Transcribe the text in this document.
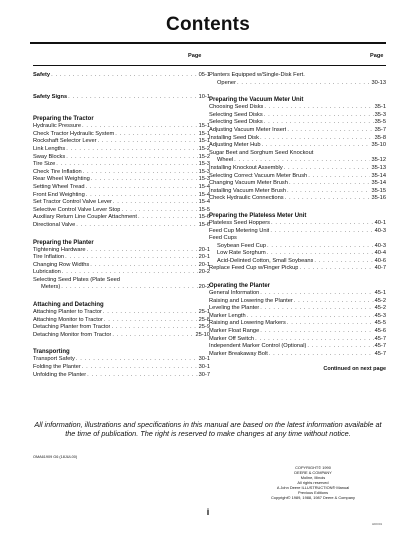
Contents
Page	Page
Safety . . .	05-1
Safety Signs . . .	10-1
Preparing the Tractor
Hydraulic Pressure . . .	15-1
Check Tractor Hydraulic System . . .	15-1
Rockshaft Selector Lever . . .	15-1
Link Lengths . . .	15-2
Sway Blocks . . .	15-2
Tire Size . . .	15-3
Check Tire Inflation . . .	15-3
Rear Wheel Weighting . . .	15-3
Setting Wheel Tread . . .	15-4
Front End Weighting . . .	15-4
Set Tractor Control Valve Lever . . .	15-4
Selective Control Valve Lever Stop . . .	15-5
Auxiliary Return Line Coupler Attachment . . .	15-6
Directional Valve . . .	15-6
Preparing the Planter
Tightening Hardware . . .	20-1
Tire Inflation . . .	20-1
Changing Row Widths . . .	20-1
Lubrication . . .	20-2
Selecting Seed Plates (Plate Seed
Meters) . . .	20-2
Attaching and Detaching
Attaching Planter to Tractor . . .	25-1
Attaching Monitor to Tractor . . .	25-8
Detaching Planter from Tractor . . .	25-9
Detaching Monitor from Tractor . . .	25-10
Transporting
Transport Safety . . .	30-1
Folding the Planter . . .	30-1
Unfolding the Planter . . .	30-7
Planters Equipped w/Single-Disk Fert.
Opener . . .	30-13
Preparing the Vacuum Meter Unit
Choosing Seed Disks . . .	35-1
Selecting Seed Disks . . .	35-3
Selecting Seed Disks . . .	35-5
Adjusting Vacuum Meter Insert . . .	35-7
Installing Seed Disk . . .	35-8
Adjusting Meter Hub . . .	35-10
Sugar Beet and Sorghum Seed Knockout
Wheel . . .	35-12
Installing Knockout Assembly . . .	35-13
Selecting Correct Vacuum Meter Brush . . .	35-14
Changing Vacuum Meter Brush . . .	35-14
Installing Vacuum Meter Brush . . .	35-15
Check Hydraulic Connections . . .	35-16
Preparing the Plateless Meter Unit
Plateless Seed Hoppers . . .	40-1
Feed Cup Metering Unit . . .	40-3
Feed Cups
Soybean Feed Cup . . .	40-3
Low Rate Sorghum . . .	40-4
Acid-Delinted Cotton, Small Soybeans . . .	40-6
Replace Feed Cup w/Finger Pickup . . .	40-7
Operating the Planter
General Information . . .	45-1
Raising and Lowering the Planter . . .	45-2
Leveling the Planter . . .	45-2
Marker Length . . .	45-3
Raising and Lowering Markers . . .	45-5
Marker Float Range . . .	45-6
Marker Off Switch . . .	45-7
Independent Marker Control (Optional) . . .	45-7
Marker Breakaway Bolt . . .	45-7
Continued on next page
All information, illustrations and specifications in this manual are based on the latest information available at the time of publication. The right is reserved to make changes at any time without notice.
OMA61909 G6 (18JUL00)
COPYRIGHT© 1990
DEERE & COMPANY
Moline, Illinois
All rights reserved
A John Deere ILLUSTRUCTION® Manual
Previous Editions
Copyright© 1989, 1988, 1987 Deere & Company
i
HDI001
